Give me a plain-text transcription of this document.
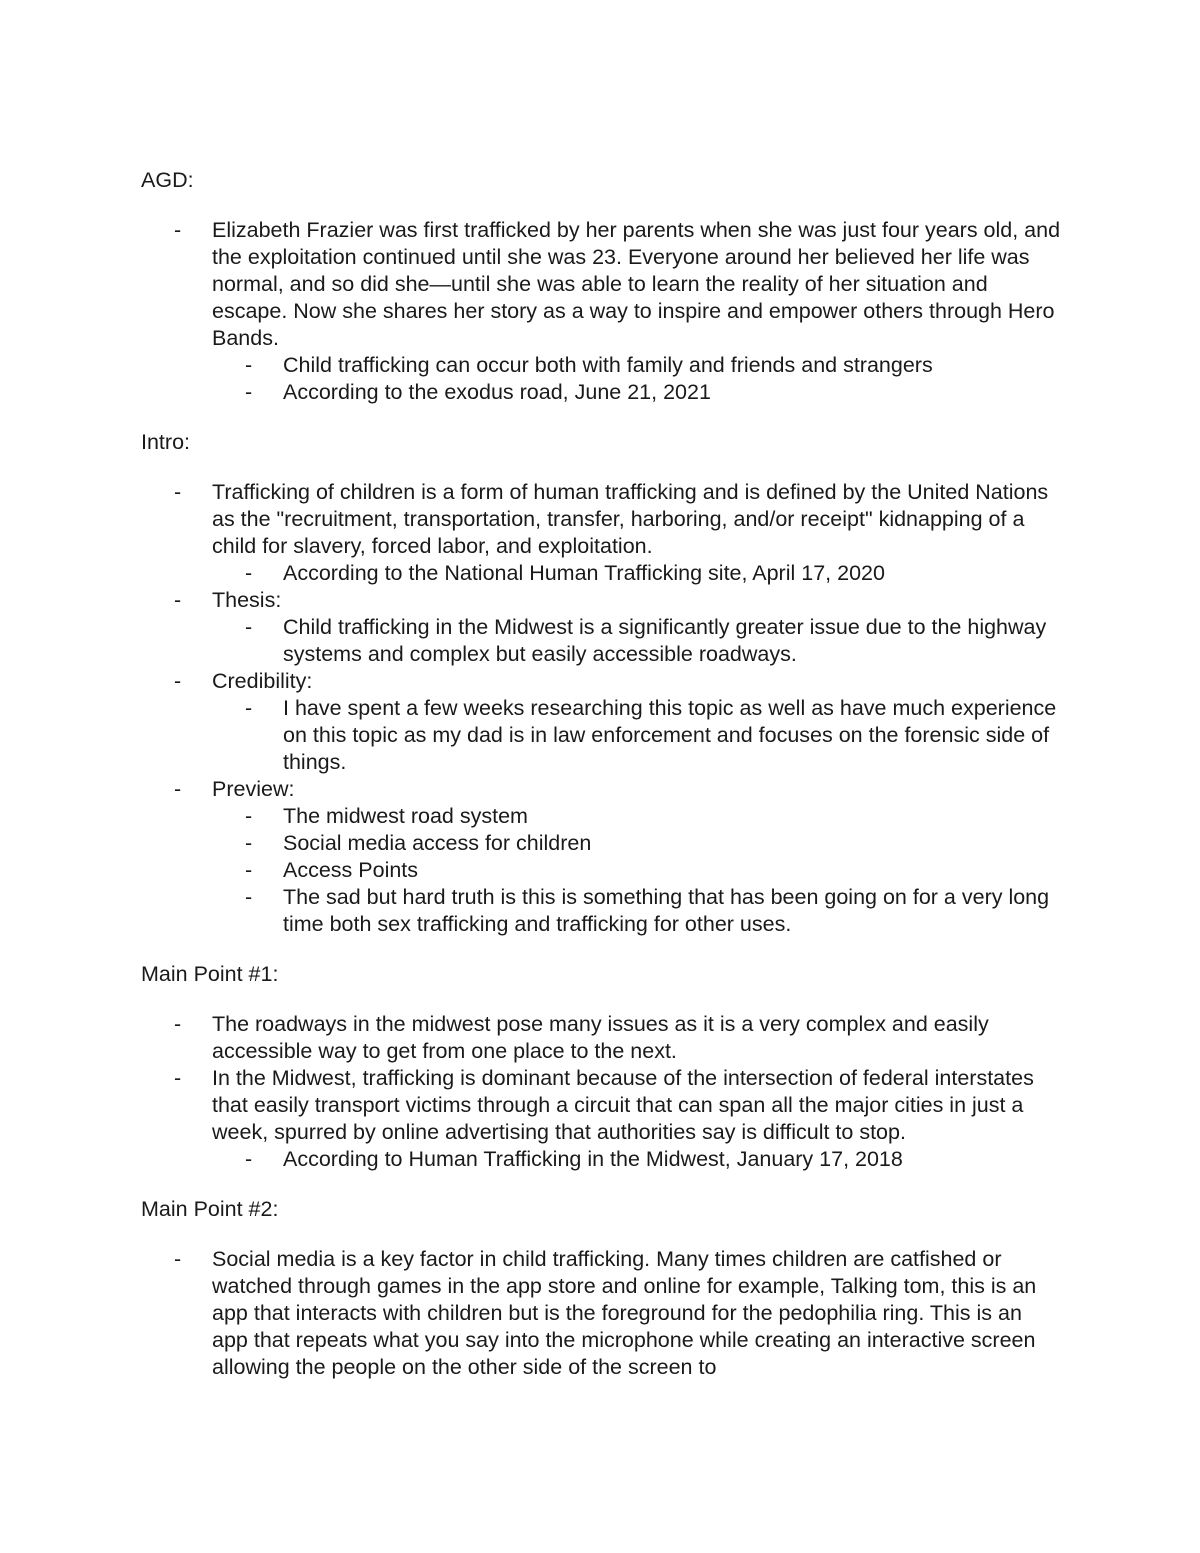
AGD:

- Elizabeth Frazier was first trafficked by her parents when she was just four years old, and the exploitation continued until she was 23. Everyone around her believed her life was normal, and so did she—until she was able to learn the reality of her situation and escape. Now she shares her story as a way to inspire and empower others through Hero Bands.
- Child trafficking can occur both with family and friends and strangers
- According to the exodus road, June 21, 2021

Intro:

- Trafficking of children is a form of human trafficking and is defined by the United Nations as the "recruitment, transportation, transfer, harboring, and/or receipt" kidnapping of a child for slavery, forced labor, and exploitation.
- According to the National Human Trafficking site, April 17, 2020
- Thesis:
- Child trafficking in the Midwest is a significantly greater issue due to the highway systems and complex but easily accessible roadways.
- Credibility:
- I have spent a few weeks researching this topic as well as have much experience on this topic as my dad is in law enforcement and focuses on the forensic side of things.
- Preview:
- The midwest road system
- Social media access for children
- Access Points
- The sad but hard truth is this is something that has been going on for a very long time both sex trafficking and trafficking for other uses.

Main Point #1:

- The roadways in the midwest pose many issues as it is a very complex and easily accessible way to get from one place to the next.
- In the Midwest, trafficking is dominant because of the intersection of federal interstates that easily transport victims through a circuit that can span all the major cities in just a week, spurred by online advertising that authorities say is difficult to stop.
- According to Human Trafficking in the Midwest, January 17, 2018

Main Point #2:

- Social media is a key factor in child trafficking. Many times children are catfished or watched through games in the app store and online for example, Talking tom, this is an app that interacts with children but is the foreground for the pedophilia ring. This is an app that repeats what you say into the microphone while creating an interactive screen allowing the people on the other side of the screen to
